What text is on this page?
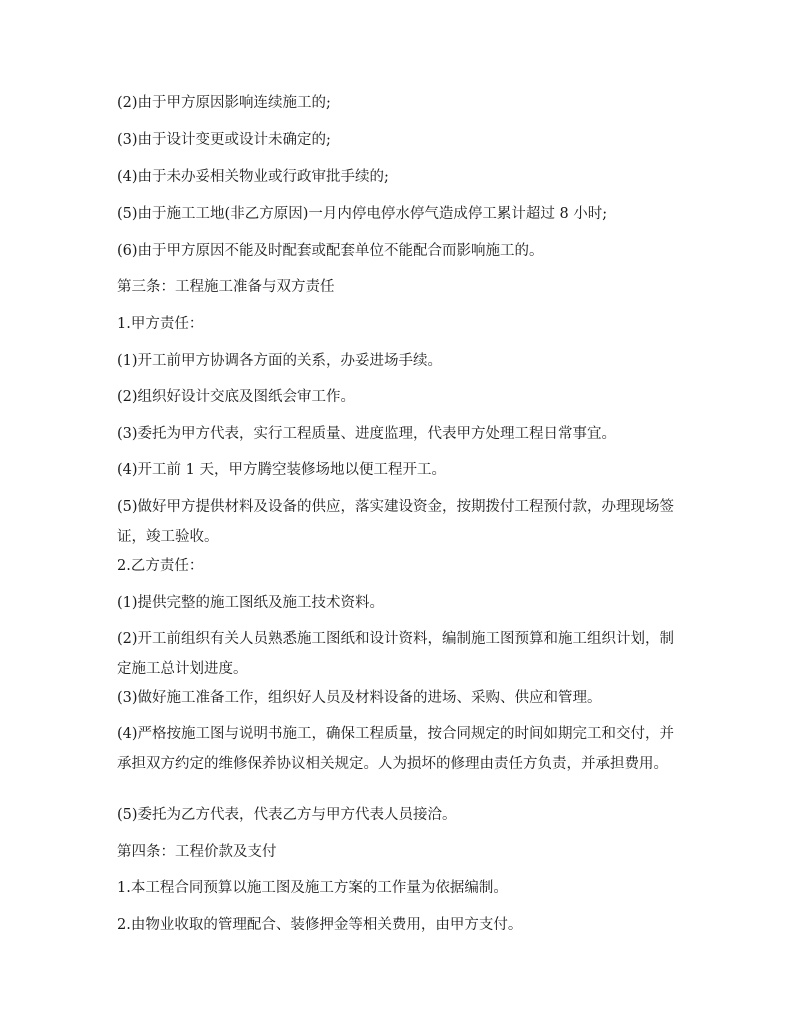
(2)由于甲方原因影响连续施工的;

(3)由于设计变更或设计未确定的;

(4)由于未办妥相关物业或行政审批手续的;

(5)由于施工工地(非乙方原因)一月内停电停水停气造成停工累计超过 8 小时;

(6)由于甲方原因不能及时配套或配套单位不能配合而影响施工的。

第三条：工程施工准备与双方责任

1.甲方责任：

(1)开工前甲方协调各方面的关系，办妥进场手续。

(2)组织好设计交底及图纸会审工作。

(3)委托为甲方代表，实行工程质量、进度监理，代表甲方处理工程日常事宜。

(4)开工前 1 天，甲方腾空装修场地以便工程开工。

(5)做好甲方提供材料及设备的供应，落实建设资金，按期拨付工程预付款，办理现场签证，竣工验收。

2.乙方责任：

(1)提供完整的施工图纸及施工技术资料。

(2)开工前组织有关人员熟悉施工图纸和设计资料，编制施工图预算和施工组织计划，制定施工总计划进度。

(3)做好施工准备工作，组织好人员及材料设备的进场、采购、供应和管理。

(4)严格按施工图与说明书施工，确保工程质量，按合同规定的时间如期完工和交付，并承担双方约定的维修保养协议相关规定。人为损坏的修理由责任方负责，并承担费用。

(5)委托为乙方代表，代表乙方与甲方代表人员接洽。

第四条：工程价款及支付

1.本工程合同预算以施工图及施工方案的工作量为依据编制。

2.由物业收取的管理配合、装修押金等相关费用，由甲方支付。
